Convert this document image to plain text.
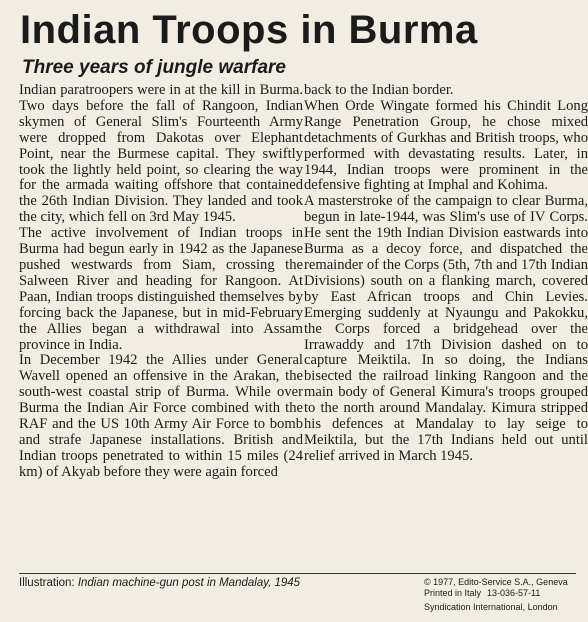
Indian Troops in Burma
Three years of jungle warfare

Indian paratroopers were in at the kill in Burma. Two days before the fall of Rangoon, Indian skymen of General Slim's Fourteenth Army were dropped from Dakotas over Elephant Point, near the Burmese capital. They swiftly took the lightly held point, so clearing the way for the armada waiting offshore that contained the 26th Indian Division. They landed and took the city, which fell on 3rd May 1945.

The active involvement of Indian troops in Burma had begun early in 1942 as the Japanese pushed westwards from Siam, crossing the Salween River and heading for Rangoon. At Paan, Indian troops distinguished themselves by forcing back the Japanese, but in mid-February the Allies began a withdrawal into Assam province in India.

In December 1942 the Allies under General Wavell opened an offensive in the Arakan, the south-west coastal strip of Burma. While over Burma the Indian Air Force combined with the RAF and the US 10th Army Air Force to bomb and strafe Japanese installations. British and Indian troops penetrated to within 15 miles (24 km) of Akyab before they were again forced

back to the Indian border.

When Orde Wingate formed his Chindit Long Range Penetration Group, he chose mixed detachments of Gurkhas and British troops, who performed with devastating results. Later, in 1944, Indian troops were prominent in the defensive fighting at Imphal and Kohima.

A masterstroke of the campaign to clear Burma, begun in late-1944, was Slim's use of IV Corps. He sent the 19th Indian Division eastwards into Burma as a decoy force, and dispatched the remainder of the Corps (5th, 7th and 17th Indian Divisions) south on a flanking march, covered by East African troops and Chin Levies. Emerging suddenly at Nyaungu and Pakokku, the Corps forced a bridgehead over the Irrawaddy and 17th Division dashed on to capture Meiktila. In so doing, the Indians bisected the railroad linking Rangoon and the main body of General Kimura's troops grouped to the north around Mandalay. Kimura stripped his defences at Mandalay to lay seige to Meiktila, but the 17th Indians held out until relief arrived in March 1945.

Illustration: Indian machine-gun post in Mandalay, 1945	© 1977, Edito-Service S.A., Geneva
Printed in Italy 13-036-57-11
Syndication International, London
